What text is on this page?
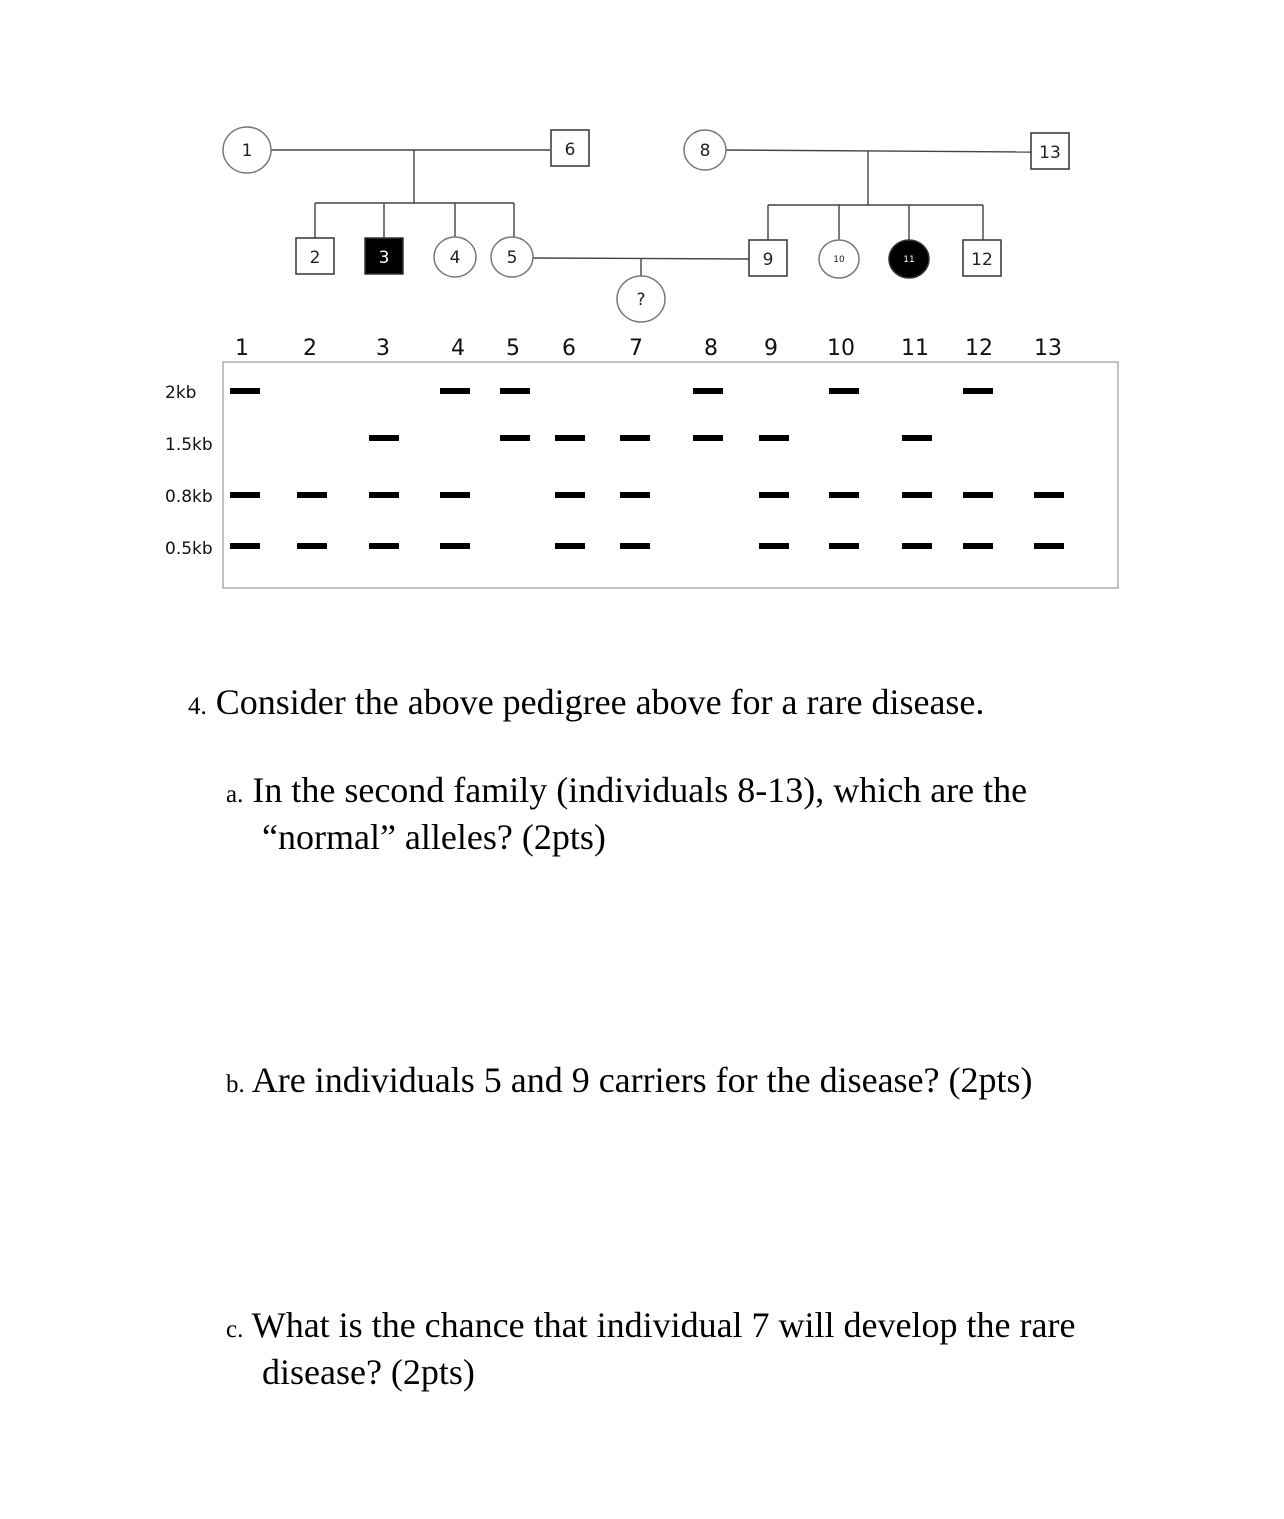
1
2	3	4	5
6
?
8
9	10	11	12
13
1 2	3	4 5 6 7	8 9 10 11 12 13
2kb
1.5kb
0.8kb
0.5kb
4. Consider the above pedigree above for a rare disease.
a. In the second family (individuals 8-13), which are the
“normal” alleles? (2pts)
b. Are individuals 5 and 9 carriers for the disease? (2pts)
c. What is the chance that individual 7 will develop the rare
disease? (2pts)
